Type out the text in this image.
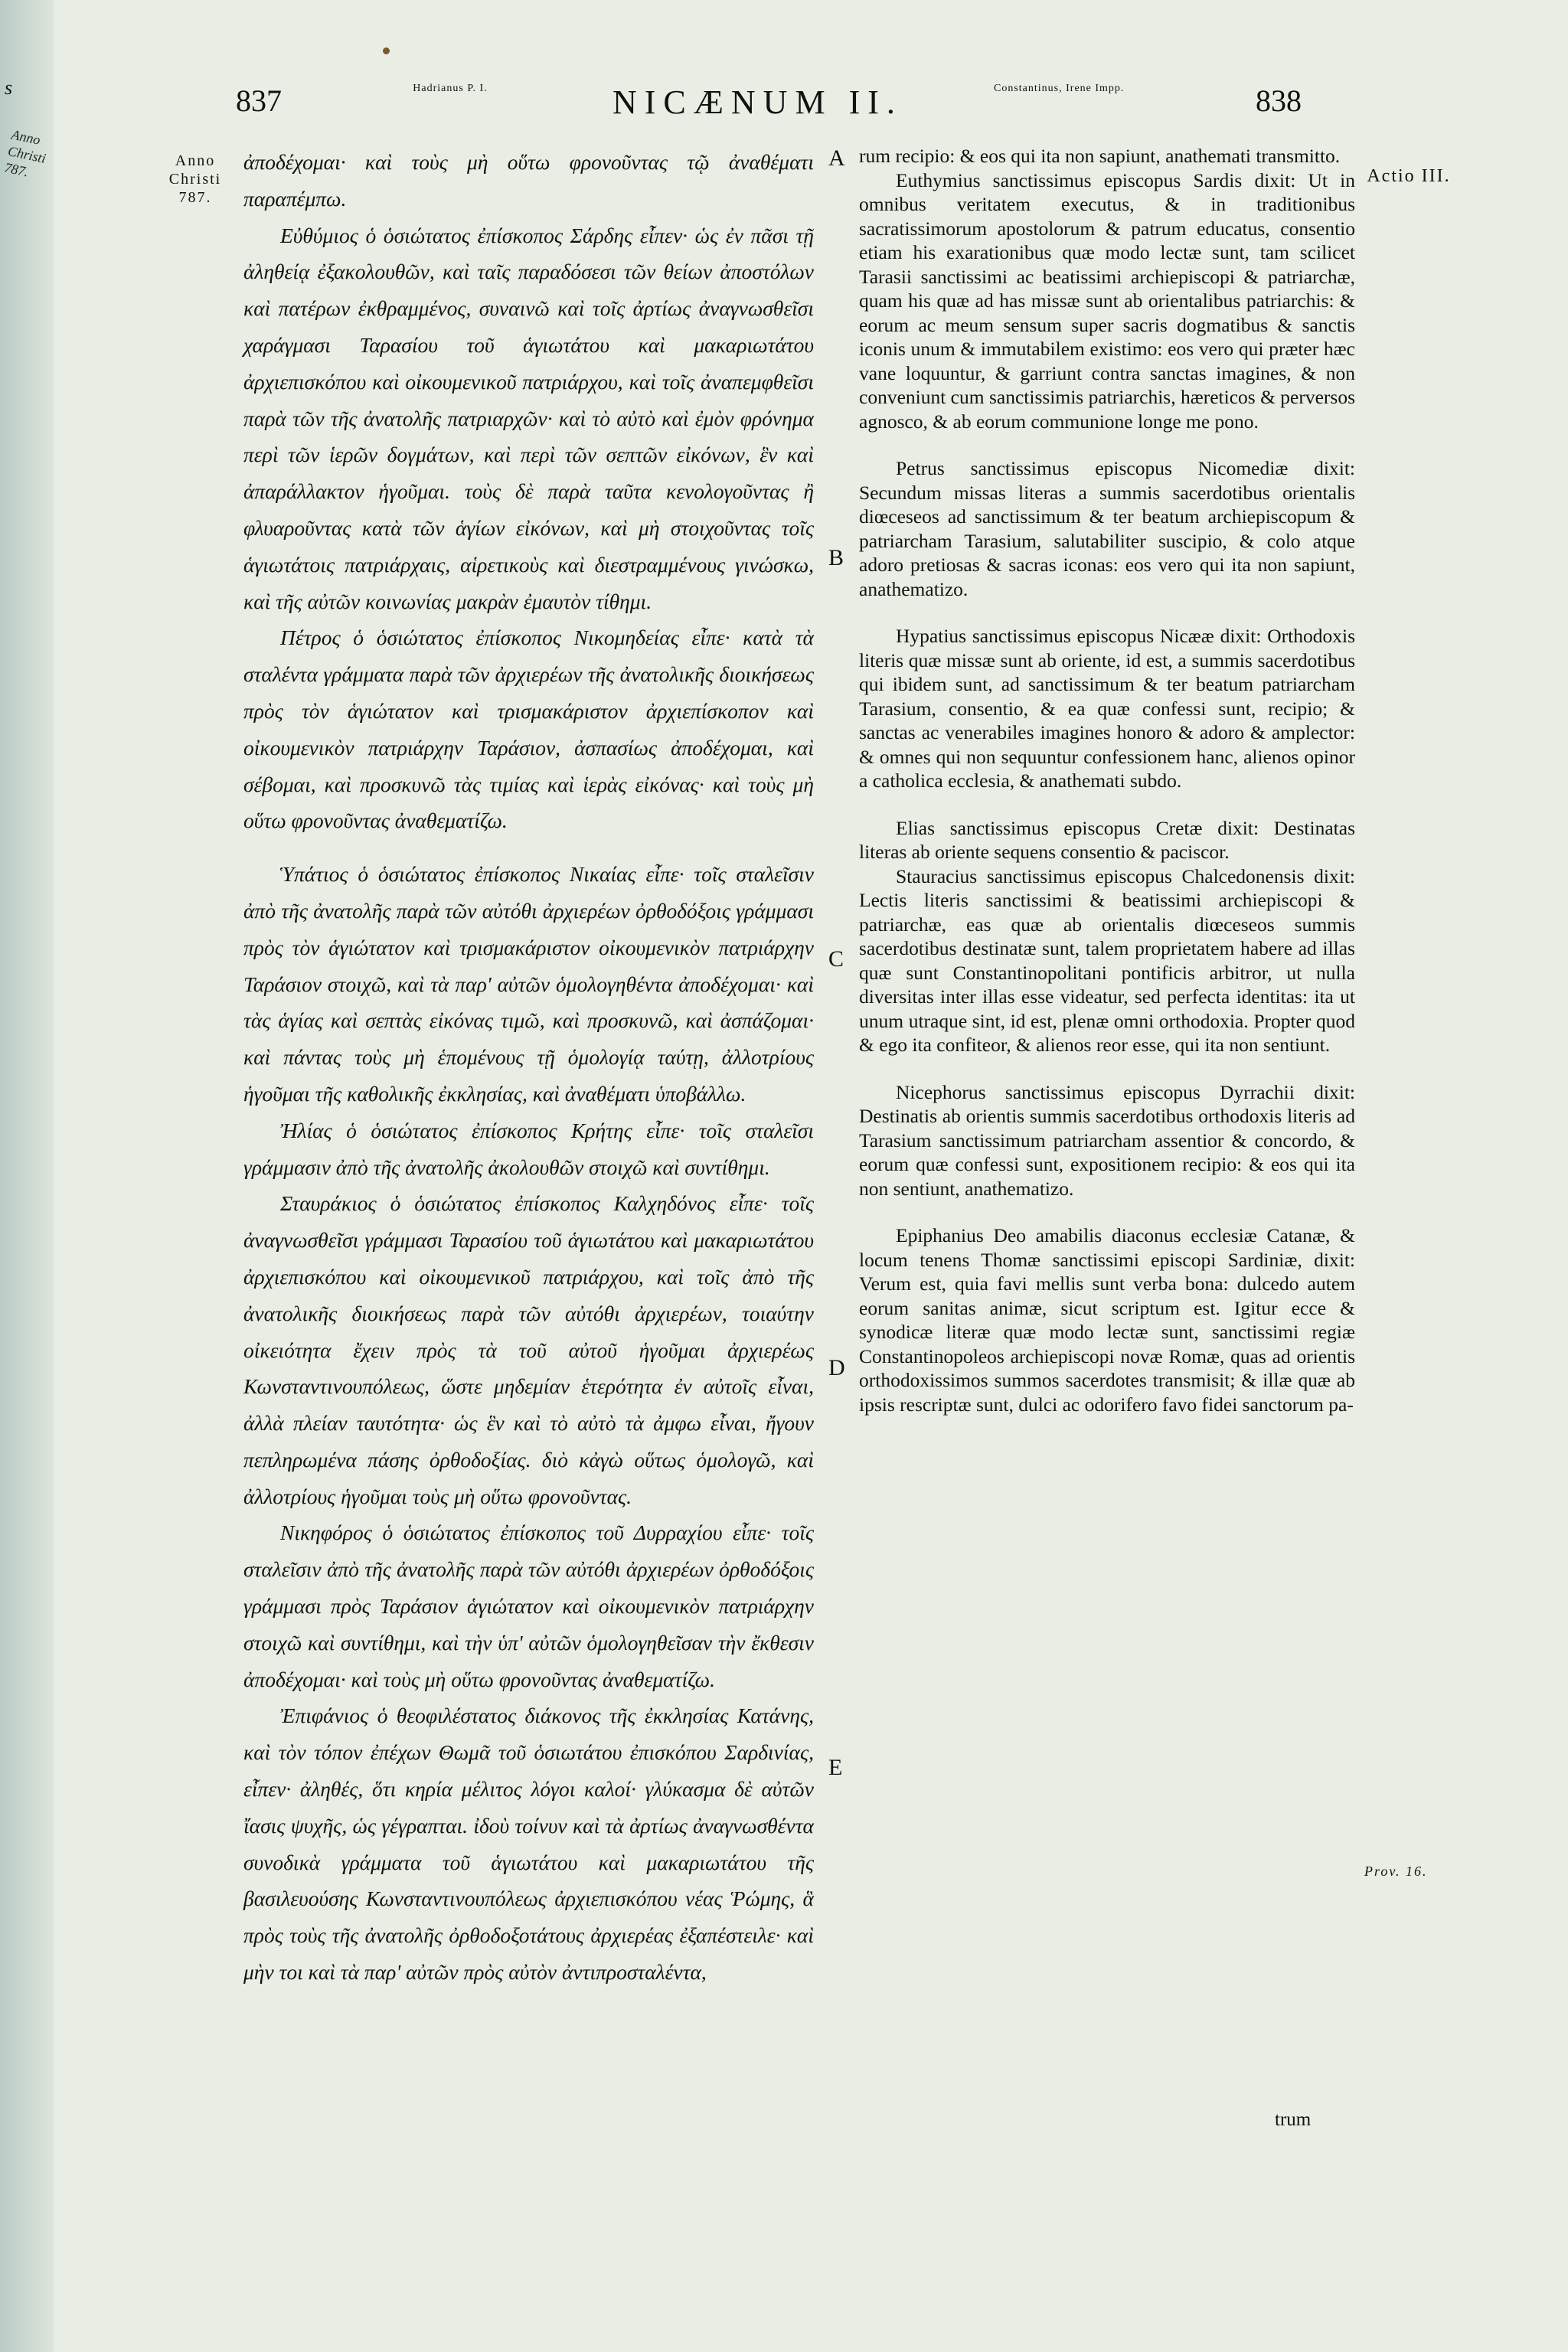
s
Anno Christi 787.
837	Hadrianus P. I.	NICÆNUM II.	Constantinus, Irene Impp.	838
Anno Christi 787.
Actio III.
Prov. 16.
A
B
C
D
E

ἀποδέχομαι· καὶ τοὺς μὴ οὕτω φρονοῦντας τῷ ἀναθέματι παραπέμπω.

Εὐθύμιος ὁ ὁσιώτατος ἐπίσκοπος Σάρδης εἶπεν· ὡς ἐν πᾶσι τῇ ἀληθείᾳ ἐξακολουθῶν, καὶ ταῖς παραδόσεσι τῶν θείων ἀποστόλων καὶ πατέρων ἐκθραμμένος, συναινῶ καὶ τοῖς ἀρτίως ἀναγνωσθεῖσι χαράγμασι Ταρασίου τοῦ ἁγιωτάτου καὶ μακαριωτάτου ἀρχιεπισκόπου καὶ οἰκουμενικοῦ πατριάρχου, καὶ τοῖς ἀναπεμφθεῖσι παρὰ τῶν τῆς ἀνατολῆς πατριαρχῶν· καὶ τὸ αὐτὸ καὶ ἐμὸν φρόνημα περὶ τῶν ἱερῶν δογμάτων, καὶ περὶ τῶν σεπτῶν εἰκόνων, ἓν καὶ ἀπαράλλακτον ἡγοῦμαι. τοὺς δὲ παρὰ ταῦτα κενολογοῦντας ἢ φλυαροῦντας κατὰ τῶν ἁγίων εἰκόνων, καὶ μὴ στοιχοῦντας τοῖς ἁγιωτάτοις πατριάρχαις, αἱρετικοὺς καὶ διεστραμμένους γινώσκω, καὶ τῆς αὐτῶν κοινωνίας μακρὰν ἐμαυτὸν τίθημι.

Πέτρος ὁ ὁσιώτατος ἐπίσκοπος Νικομηδείας εἶπε· κατὰ τὰ σταλέντα γράμματα παρὰ τῶν ἀρχιερέων τῆς ἀνατολικῆς διοικήσεως πρὸς τὸν ἁγιώτατον καὶ τρισμακάριστον ἀρχιεπίσκοπον καὶ οἰκουμενικὸν πατριάρχην Ταράσιον, ἀσπασίως ἀποδέχομαι, καὶ σέβομαι, καὶ προσκυνῶ τὰς τιμίας καὶ ἱερὰς εἰκόνας· καὶ τοὺς μὴ οὕτω φρονοῦντας ἀναθεματίζω.

Ὑπάτιος ὁ ὁσιώτατος ἐπίσκοπος Νικαίας εἶπε· τοῖς σταλεῖσιν ἀπὸ τῆς ἀνατολῆς παρὰ τῶν αὐτόθι ἀρχιερέων ὀρθοδόξοις γράμμασι πρὸς τὸν ἁγιώτατον καὶ τρισμακάριστον οἰκουμενικὸν πατριάρχην Ταράσιον στοιχῶ, καὶ τὰ παρ' αὐτῶν ὁμολογηθέντα ἀποδέχομαι· καὶ τὰς ἁγίας καὶ σεπτὰς εἰκόνας τιμῶ, καὶ προσκυνῶ, καὶ ἀσπάζομαι· καὶ πάντας τοὺς μὴ ἑπομένους τῇ ὁμολογίᾳ ταύτῃ, ἀλλοτρίους ἡγοῦμαι τῆς καθολικῆς ἐκκλησίας, καὶ ἀναθέματι ὑποβάλλω.

Ἠλίας ὁ ὁσιώτατος ἐπίσκοπος Κρήτης εἶπε· τοῖς σταλεῖσι γράμμασιν ἀπὸ τῆς ἀνατολῆς ἀκολουθῶν στοιχῶ καὶ συντίθημι.

Σταυράκιος ὁ ὁσιώτατος ἐπίσκοπος Καλχηδόνος εἶπε· τοῖς ἀναγνωσθεῖσι γράμμασι Ταρασίου τοῦ ἁγιωτάτου καὶ μακαριωτάτου ἀρχιεπισκόπου καὶ οἰκουμενικοῦ πατριάρχου, καὶ τοῖς ἀπὸ τῆς ἀνατολικῆς διοικήσεως παρὰ τῶν αὐτόθι ἀρχιερέων, τοιαύτην οἰκειότητα ἔχειν πρὸς τὰ τοῦ αὐτοῦ ἡγοῦμαι ἀρχιερέως Κωνσταντινουπόλεως, ὥστε μηδεμίαν ἑτερότητα ἐν αὐτοῖς εἶναι, ἀλλὰ πλείαν ταυτότητα· ὡς ἓν καὶ τὸ αὐτὸ τὰ ἀμφω εἶναι, ἤγουν πεπληρωμένα πάσης ὀρθοδοξίας. διὸ κἀγὼ οὕτως ὁμολογῶ, καὶ ἀλλοτρίους ἡγοῦμαι τοὺς μὴ οὕτω φρονοῦντας.

Νικηφόρος ὁ ὁσιώτατος ἐπίσκοπος τοῦ Δυρραχίου εἶπε· τοῖς σταλεῖσιν ἀπὸ τῆς ἀνατολῆς παρὰ τῶν αὐτόθι ἀρχιερέων ὀρθοδόξοις γράμμασι πρὸς Ταράσιον ἁγιώτατον καὶ οἰκουμενικὸν πατριάρχην στοιχῶ καὶ συντίθημι, καὶ τὴν ὑπ' αὐτῶν ὁμολογηθεῖσαν τὴν ἔκθεσιν ἀποδέχομαι· καὶ τοὺς μὴ οὕτω φρονοῦντας ἀναθεματίζω.

Ἐπιφάνιος ὁ θεοφιλέστατος διάκονος τῆς ἐκκλησίας Κατάνης, καὶ τὸν τόπον ἐπέχων Θωμᾶ τοῦ ὁσιωτάτου ἐπισκόπου Σαρδινίας, εἶπεν· ἀληθές, ὅτι κηρία μέλιτος λόγοι καλοί· γλύκασμα δὲ αὐτῶν ἴασις ψυχῆς, ὡς γέγραπται. ἰδοὺ τοίνυν καὶ τὰ ἀρτίως ἀναγνωσθέντα συνοδικὰ γράμματα τοῦ ἁγιωτάτου καὶ μακαριωτάτου τῆς βασιλευούσης Κωνσταντινουπόλεως ἀρχιεπισκόπου νέας Ῥώμης, ἃ πρὸς τοὺς τῆς ἀνατολῆς ὀρθοδοξοτάτους ἀρχιερέας ἐξαπέστειλε· καὶ μὴν τοι καὶ τὰ παρ' αὐτῶν πρὸς αὐτὸν ἀντιπροσταλέντα,

rum recipio: & eos qui ita non sapiunt, anathemati transmitto.

Euthymius sanctissimus episcopus Sardis dixit: Ut in omnibus veritatem executus, & in traditionibus sacratissimorum apostolorum & patrum educatus, consentio etiam his exarationibus quæ modo lectæ sunt, tam scilicet Tarasii sanctissimi ac beatissimi archiepiscopi & patriarchæ, quam his quæ ad has missæ sunt ab orientalibus patriarchis: & eorum ac meum sensum super sacris dogmatibus & sanctis iconis unum & immutabilem existimo: eos vero qui præter hæc vane loquuntur, & garriunt contra sanctas imagines, & non conveniunt cum sanctissimis patriarchis, hæreticos & perversos agnosco, & ab eorum communione longe me pono.

Petrus sanctissimus episcopus Nicomediæ dixit: Secundum missas literas a summis sacerdotibus orientalis diœceseos ad sanctissimum & ter beatum archiepiscopum & patriarcham Tarasium, salutabiliter suscipio, & colo atque adoro pretiosas & sacras iconas: eos vero qui ita non sapiunt, anathematizo.

Hypatius sanctissimus episcopus Nicææ dixit: Orthodoxis literis quæ missæ sunt ab oriente, id est, a summis sacerdotibus qui ibidem sunt, ad sanctissimum & ter beatum patriarcham Tarasium, consentio, & ea quæ confessi sunt, recipio; & sanctas ac venerabiles imagines honoro & adoro & amplector: & omnes qui non sequuntur confessionem hanc, alienos opinor a catholica ecclesia, & anathemati subdo.

Elias sanctissimus episcopus Cretæ dixit: Destinatas literas ab oriente sequens consentio & paciscor.

Stauracius sanctissimus episcopus Chalcedonensis dixit: Lectis literis sanctissimi & beatissimi archiepiscopi & patriarchæ, eas quæ ab orientalis diœceseos summis sacerdotibus destinatæ sunt, talem proprietatem habere ad illas quæ sunt Constantinopolitani pontificis arbitror, ut nulla diversitas inter illas esse videatur, sed perfecta identitas: ita ut unum utraque sint, id est, plenæ omni orthodoxia. Propter quod & ego ita confiteor, & alienos reor esse, qui ita non sentiunt.

Nicephorus sanctissimus episcopus Dyrrachii dixit: Destinatis ab orientis summis sacerdotibus orthodoxis literis ad Tarasium sanctissimum patriarcham assentior & concordo, & eorum quæ confessi sunt, expositionem recipio: & eos qui ita non sentiunt, anathematizo.

Epiphanius Deo amabilis diaconus ecclesiæ Catanæ, & locum tenens Thomæ sanctissimi episcopi Sardiniæ, dixit: Verum est, quia favi mellis sunt verba bona: dulcedo autem eorum sanitas animæ, sicut scriptum est. Igitur ecce & synodicæ literæ quæ modo lectæ sunt, sanctissimi regiæ Constantinopoleos archiepiscopi novæ Romæ, quas ad orientis orthodoxissimos summos sacerdotes transmisit; & illæ quæ ab ipsis rescriptæ sunt, dulci ac odorifero favo fidei sanctorum pa-

trum
